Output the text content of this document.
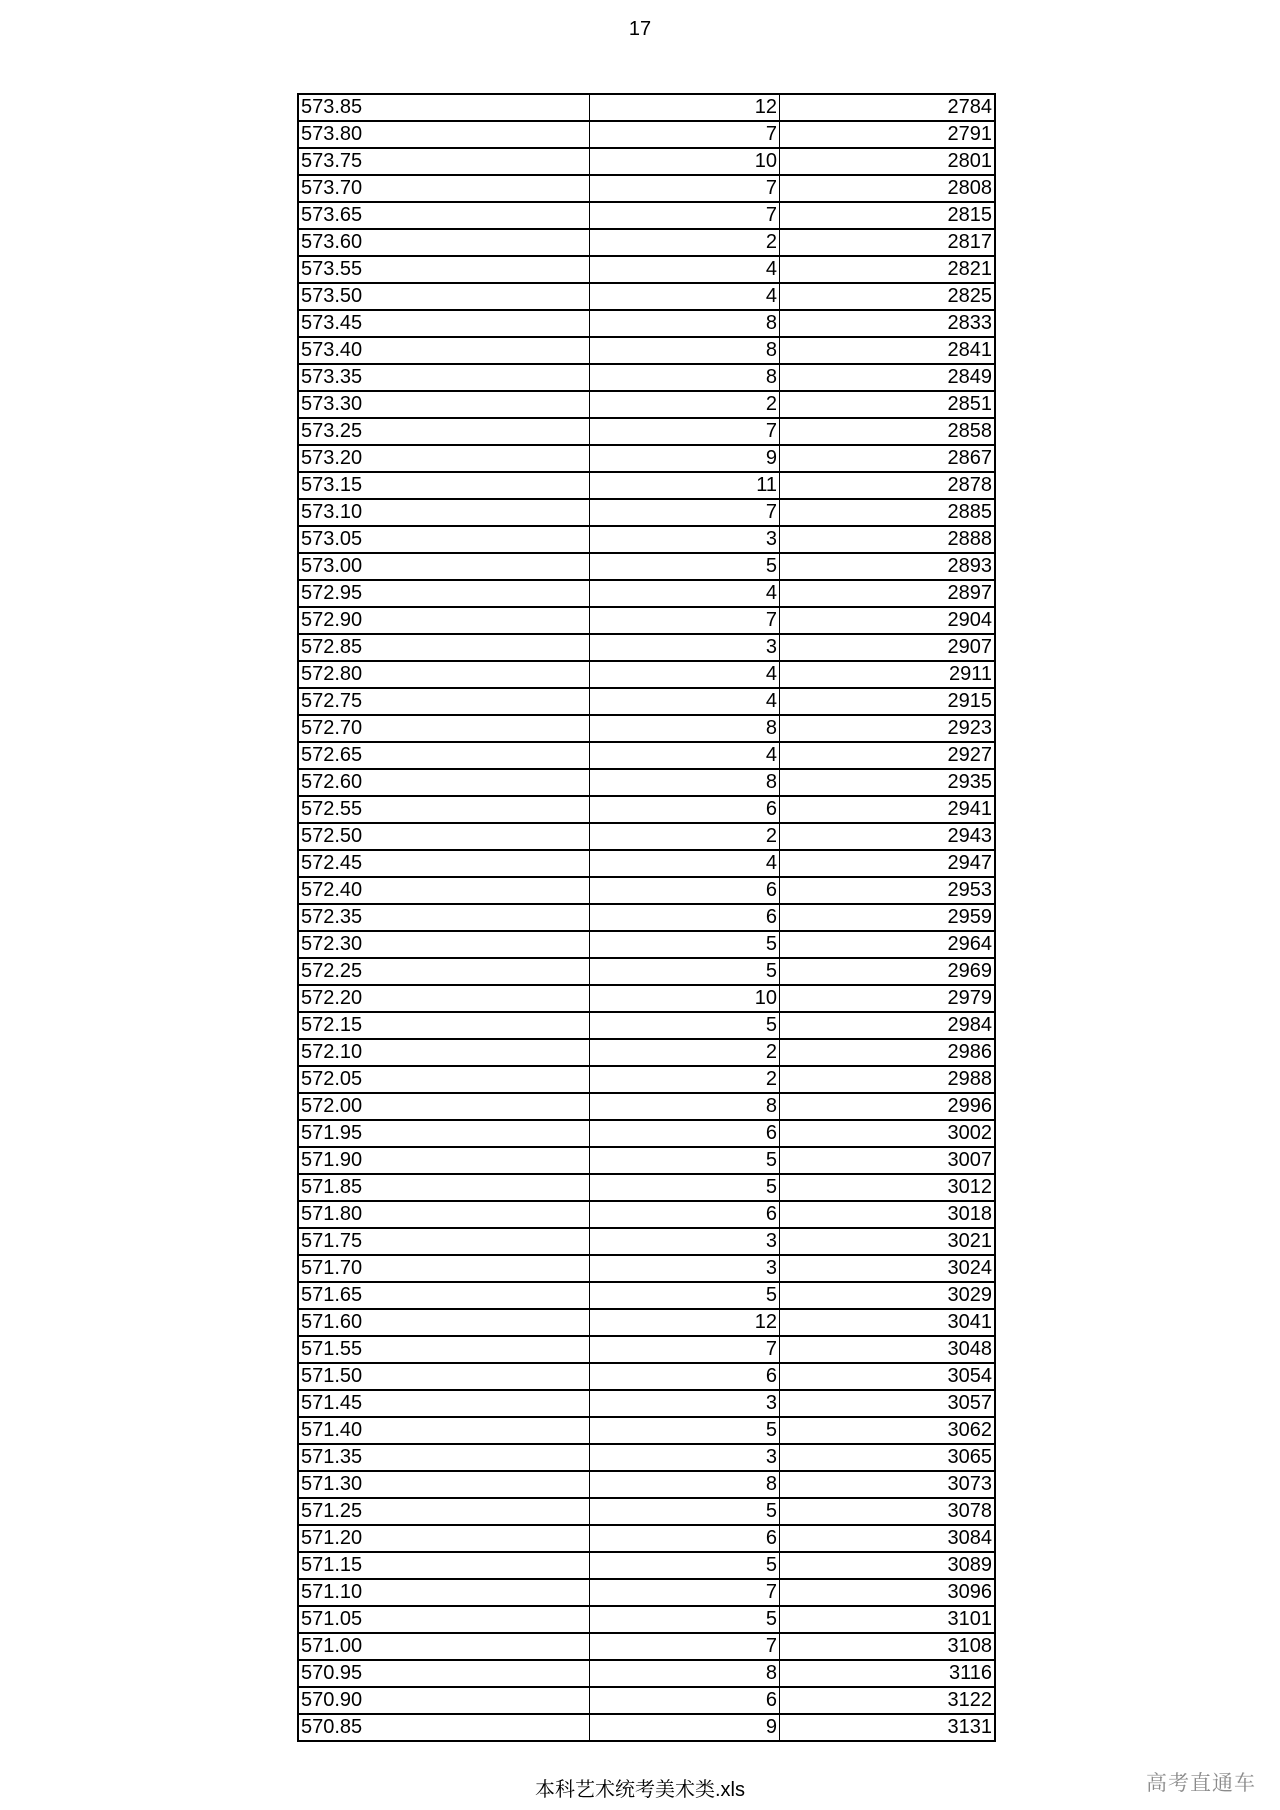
17
573.85	12	2784
573.80	7	2791
573.75	10	2801
573.70	7	2808
573.65	7	2815
573.60	2	2817
573.55	4	2821
573.50	4	2825
573.45	8	2833
573.40	8	2841
573.35	8	2849
573.30	2	2851
573.25	7	2858
573.20	9	2867
573.15	11	2878
573.10	7	2885
573.05	3	2888
573.00	5	2893
572.95	4	2897
572.90	7	2904
572.85	3	2907
572.80	4	2911
572.75	4	2915
572.70	8	2923
572.65	4	2927
572.60	8	2935
572.55	6	2941
572.50	2	2943
572.45	4	2947
572.40	6	2953
572.35	6	2959
572.30	5	2964
572.25	5	2969
572.20	10	2979
572.15	5	2984
572.10	2	2986
572.05	2	2988
572.00	8	2996
571.95	6	3002
571.90	5	3007
571.85	5	3012
571.80	6	3018
571.75	3	3021
571.70	3	3024
571.65	5	3029
571.60	12	3041
571.55	7	3048
571.50	6	3054
571.45	3	3057
571.40	5	3062
571.35	3	3065
571.30	8	3073
571.25	5	3078
571.20	6	3084
571.15	5	3089
571.10	7	3096
571.05	5	3101
571.00	7	3108
570.95	8	3116
570.90	6	3122
570.85	9	3131
本科艺术统考美术类.xls	高考直通车
